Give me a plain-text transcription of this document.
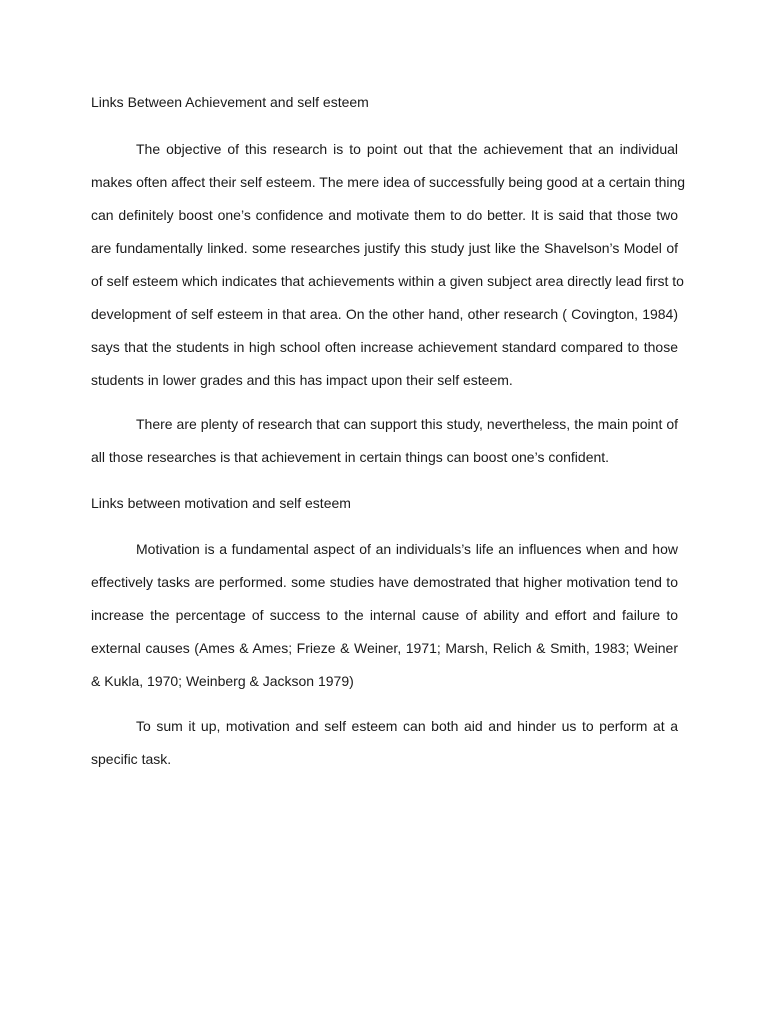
Links Between Achievement and self esteem
The objective of this research is to point out that the achievement that an individual
makes often affect their self esteem. The mere idea of successfully being good at a certain thing
can definitely boost one’s confidence and motivate them to do better. It is said that those two
are fundamentally linked. some researches justify this study just like the Shavelson’s Model of
of self esteem which indicates that achievements within a given subject area directly lead first to
development of self esteem in that area. On the other hand, other research ( Covington, 1984)
says that the students in high school often increase achievement standard compared to those
students in lower grades and this has impact upon their self esteem.
There are plenty of research that can support this study, nevertheless, the main point of
all those researches is that achievement in certain things can boost one’s confident.
Links between motivation and self esteem
Motivation is a fundamental aspect of an individuals’s life an influences when and how
effectively tasks are performed. some studies have demostrated that higher motivation tend to
increase the percentage of success to the internal cause of ability and effort and failure to
external causes (Ames & Ames; Frieze & Weiner, 1971; Marsh, Relich & Smith, 1983; Weiner
& Kukla, 1970; Weinberg & Jackson 1979)
To sum it up, motivation and self esteem can both aid and hinder us to perform at a
specific task.
